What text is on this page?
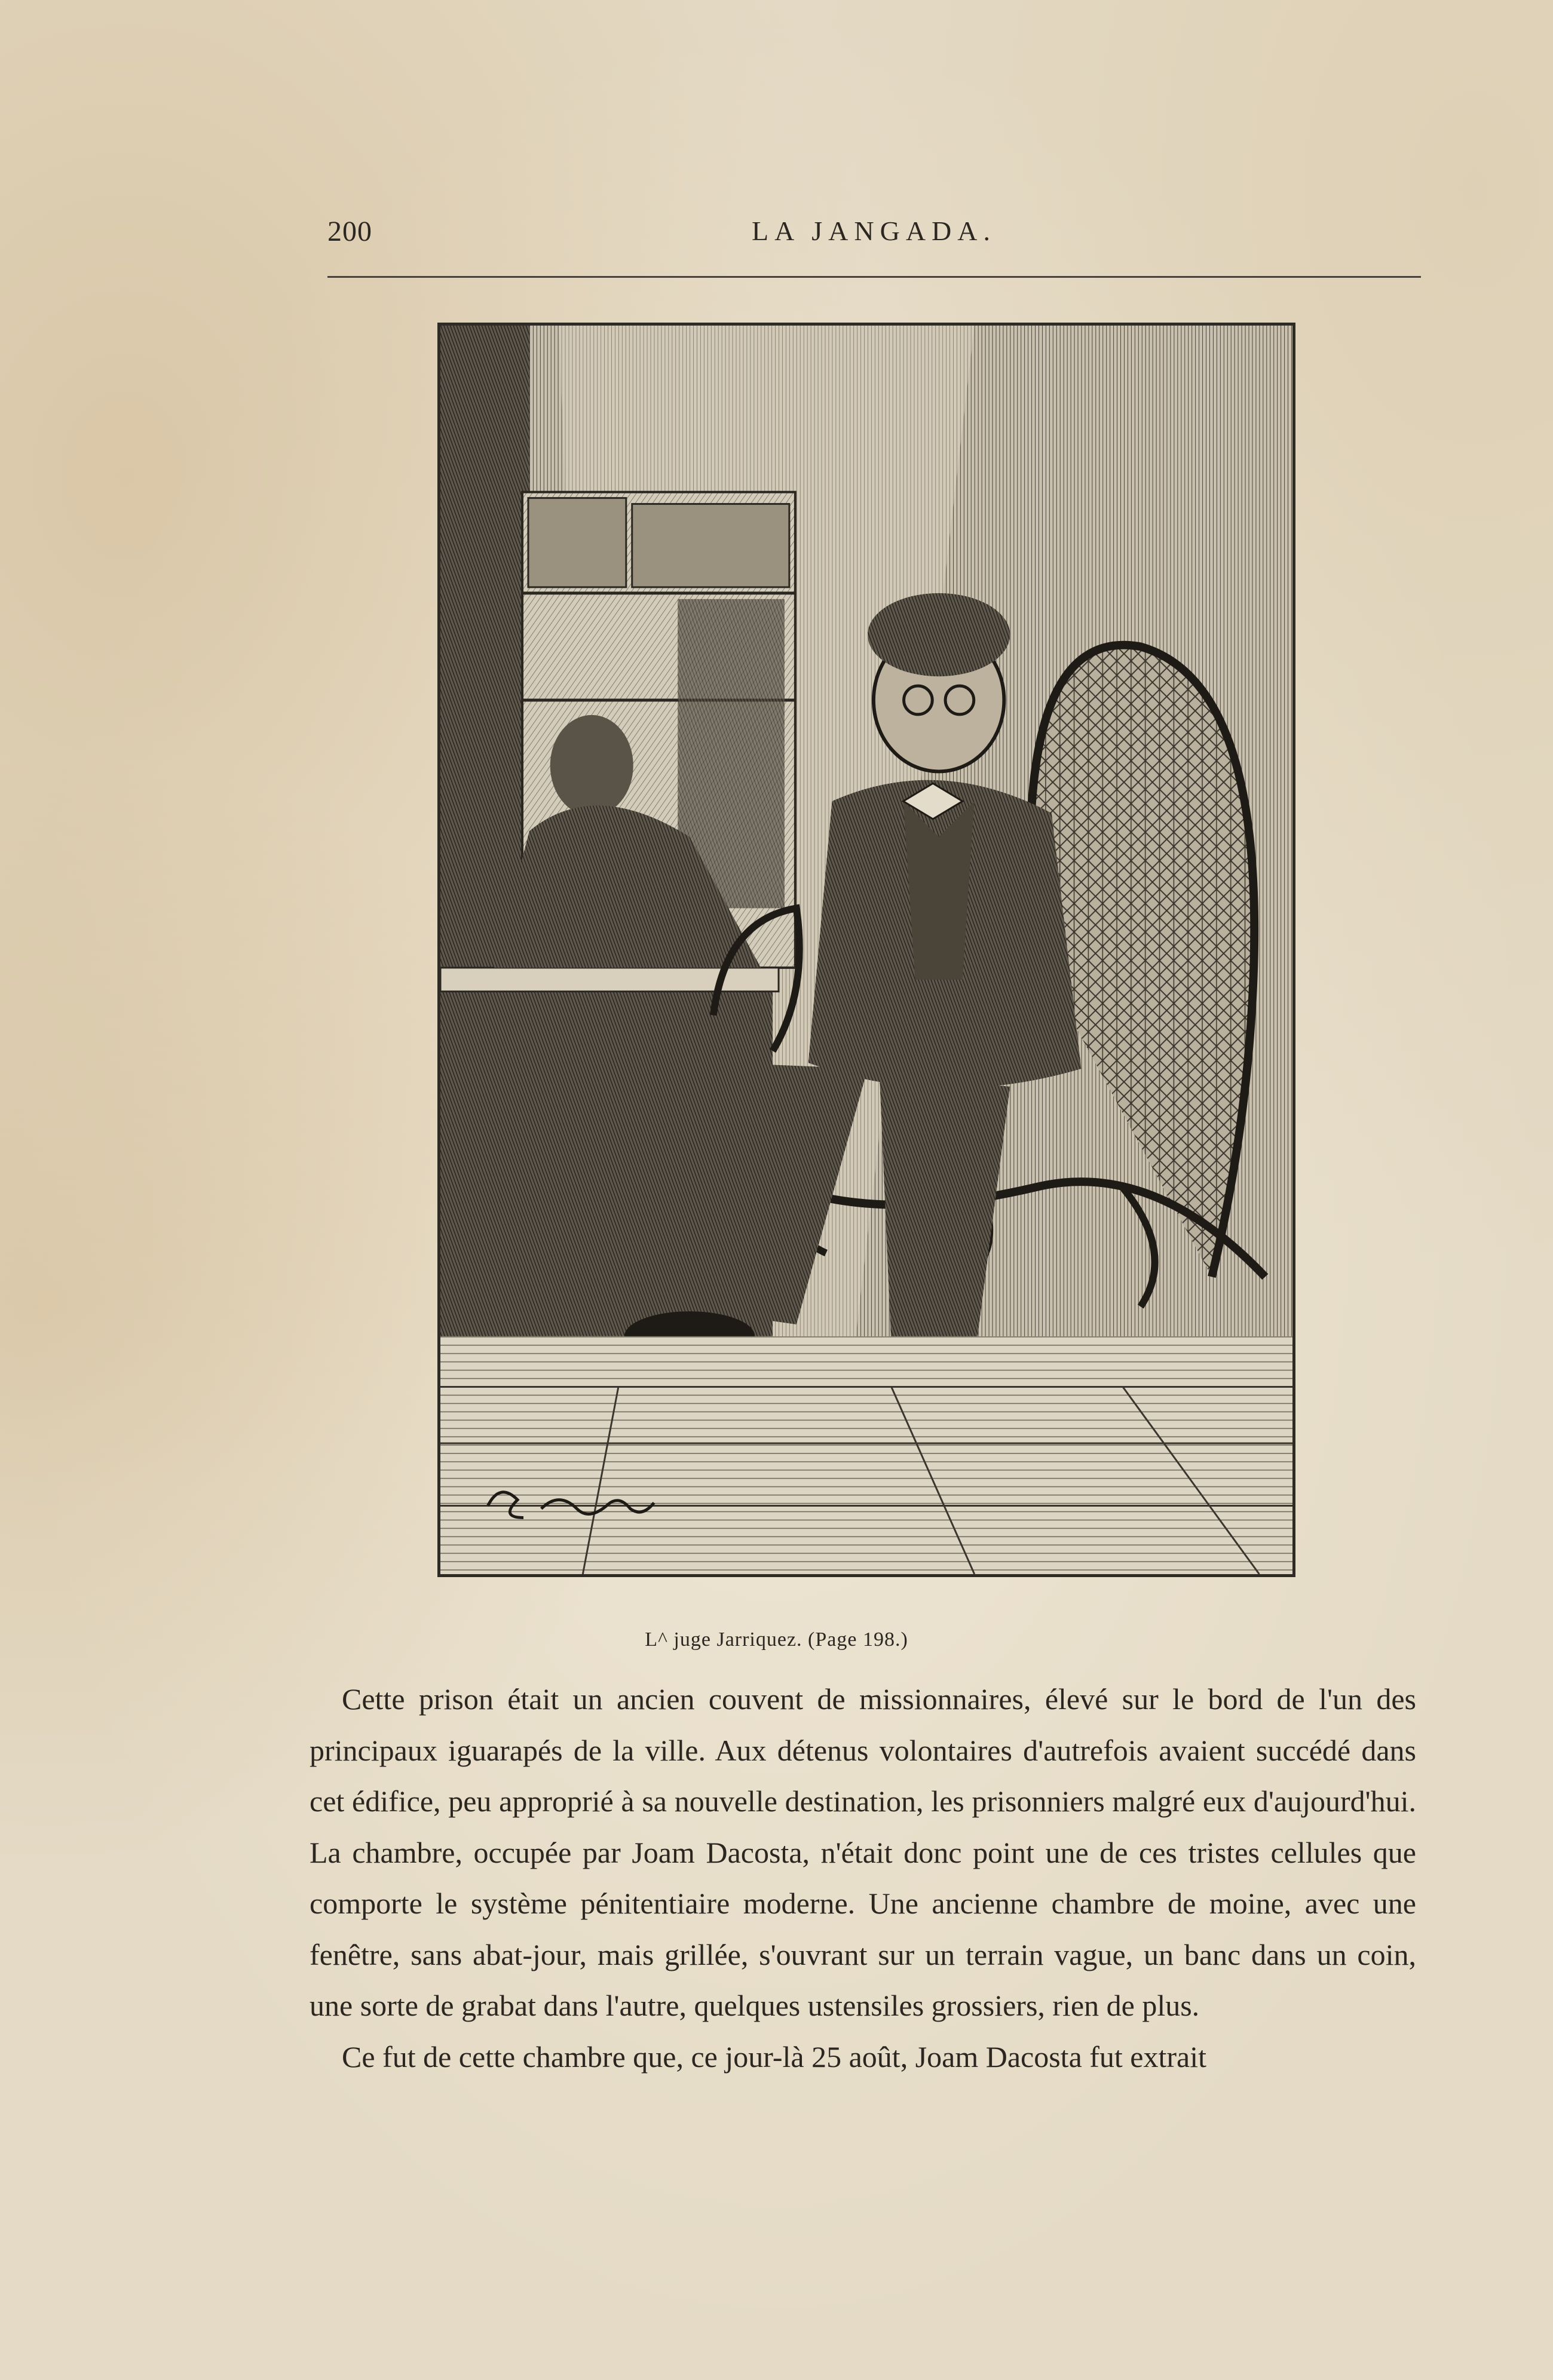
200	LA JANGADA.
L^ juge Jarriquez. (Page 198.)

Cette prison était un ancien couvent de missionnaires, élevé sur le bord de l'un des principaux iguarapés de la ville. Aux détenus volontaires d'autrefois avaient succédé dans cet édifice, peu approprié à sa nouvelle destination, les prisonniers malgré eux d'aujourd'hui. La chambre, occupée par Joam Dacosta, n'était donc point une de ces tristes cellules que comporte le système pénitentiaire moderne. Une ancienne chambre de moine, avec une fenêtre, sans abat-jour, mais grillée, s'ouvrant sur un terrain vague, un banc dans un coin, une sorte de grabat dans l'autre, quelques ustensiles grossiers, rien de plus.

Ce fut de cette chambre que, ce jour-là 25 août, Joam Dacosta fut extrait
